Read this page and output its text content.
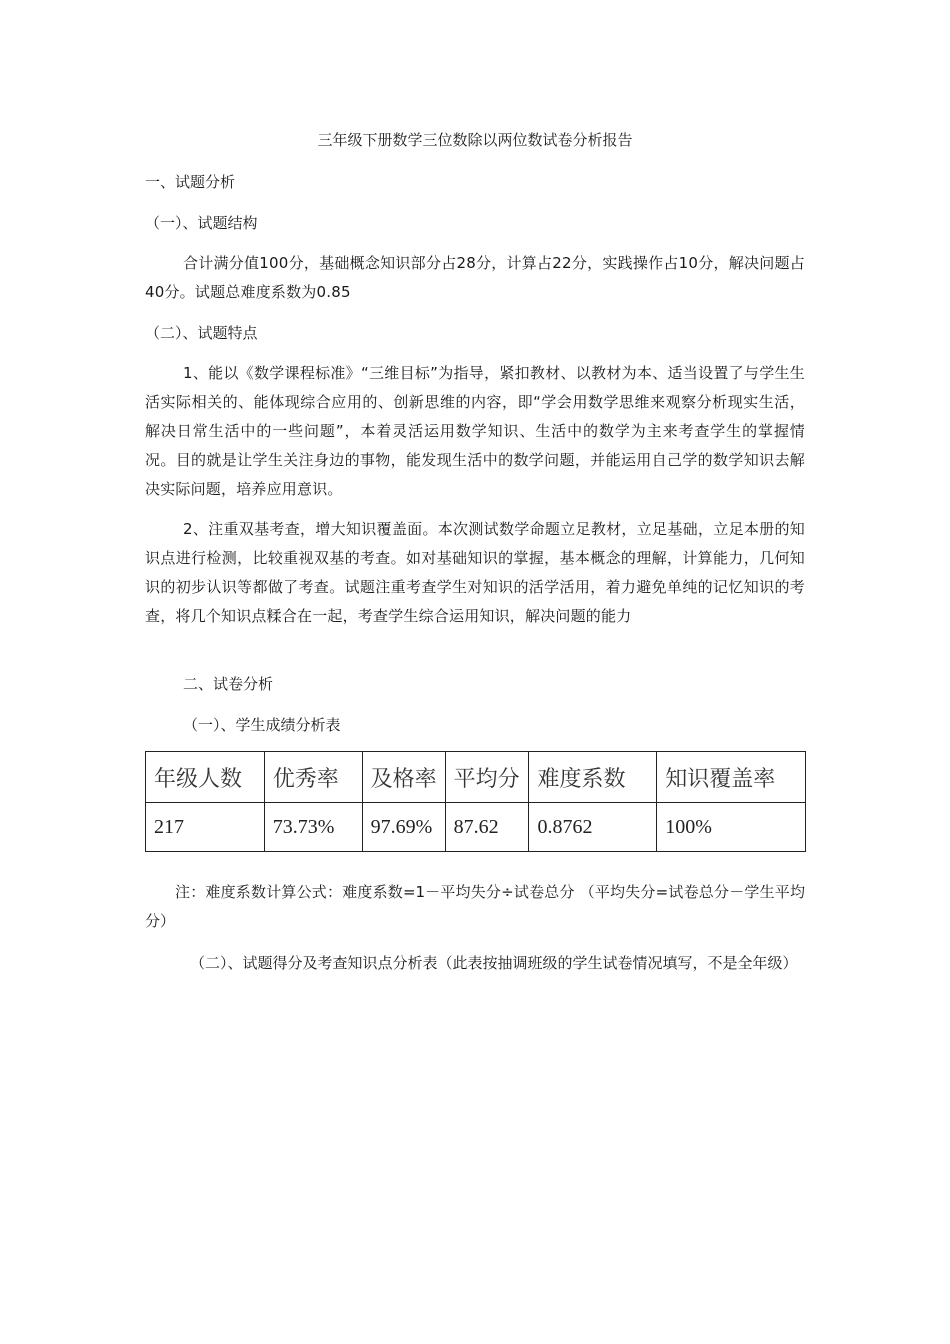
三年级下册数学三位数除以两位数试卷分析报告
一、试题分析
（一）、试题结构
合计满分值100分，基础概念知识部分占28分，计算占22分，实践操作占10分，解决问题占40分。试题总难度系数为0.85
（二）、试题特点
1、能以《数学课程标准》“三维目标”为指导，紧扣教材、以教材为本、适当设置了与学生生活实际相关的、能体现综合应用的、创新思维的内容，即“学会用数学思维来观察分析现实生活，解决日常生活中的一些问题”，本着灵活运用数学知识、生活中的数学为主来考查学生的掌握情况。目的就是让学生关注身边的事物，能发现生活中的数学问题，并能运用自己学的数学知识去解决实际问题，培养应用意识。
2、注重双基考查，增大知识覆盖面。本次测试数学命题立足教材，立足基础，立足本册的知识点进行检测，比较重视双基的考查。如对基础知识的掌握，基本概念的理解，计算能力，几何知识的初步认识等都做了考查。试题注重考查学生对知识的活学活用，着力避免单纯的记忆知识的考查，将几个知识点糅合在一起，考查学生综合运用知识，解决问题的能力
二、试卷分析
（一）、学生成绩分析表
年级人数	优秀率	及格率	平均分	难度系数	知识覆盖率
217	73.73%	97.69%	87.62	0.8762	100%
注：难度系数计算公式：难度系数=1－平均失分÷试卷总分 （平均失分=试卷总分－学生平均分）
（二）、试题得分及考查知识点分析表（此表按抽调班级的学生试卷情况填写，不是全年级）
